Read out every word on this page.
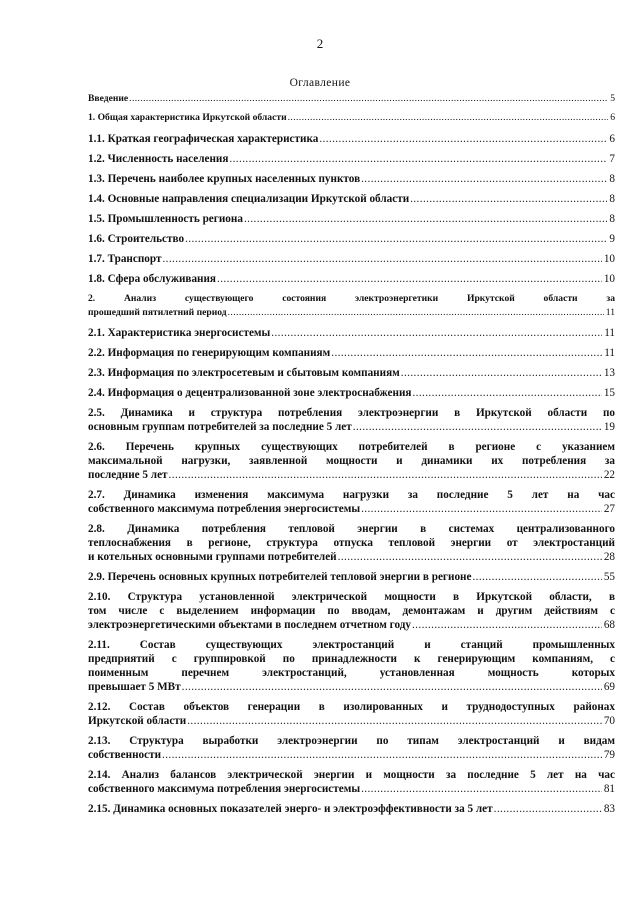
2
Оглавление
Введение .....	5
1. Общая характеристика Иркутской области .....	6
1.1. Краткая географическая характеристика .....	6
1.2. Численность населения .....	7
1.3. Перечень наиболее крупных населенных пунктов .....	8
1.4. Основные направления специализации Иркутской области .....	8
1.5. Промышленность региона .....	8
1.6. Строительство .....	9
1.7. Транспорт .....	10
1.8. Сфера обслуживания .....	10
2. Анализ существующего состояния электроэнергетики Иркутской области за
прошедший пятилетний период .....	11
2.1. Характеристика энергосистемы .....	11
2.2. Информация по генерирующим компаниям .....	11
2.3. Информация по электросетевым и сбытовым компаниям .....	13
2.4. Информация о децентрализованной зоне электроснабжения .....	15
2.5. Динамика и структура потребления электроэнергии в Иркутской области по
основным группам потребителей за последние 5 лет .....	19
2.6. Перечень крупных существующих потребителей в регионе с указанием
максимальной нагрузки, заявленной мощности и динамики их потребления за
последние 5 лет .....	22
2.7. Динамика изменения максимума нагрузки за последние 5 лет на час
собственного максимума потребления энергосистемы .....	27
2.8. Динамика потребления тепловой энергии в системах централизованного
теплоснабжения в регионе, структура отпуска тепловой энергии от электростанций
и котельных основными группами потребителей .....	28
2.9. Перечень основных крупных потребителей тепловой энергии в регионе .....	55
2.10. Структура установленной электрической мощности в Иркутской области, в
том числе с выделением информации по вводам, демонтажам и другим действиям с
электроэнергетическими объектами в последнем отчетном году .....	68
2.11. Состав существующих электростанций и станций промышленных
предприятий с группировкой по принадлежности к генерирующим компаниям, с
поименным перечнем электростанций, установленная мощность которых
превышает 5 МВт .....	69
2.12. Состав объектов генерации в изолированных и труднодоступных районах
Иркутской области .....	70
2.13. Структура выработки электроэнергии по типам электростанций и видам
собственности .....	79
2.14. Анализ балансов электрической энергии и мощности за последние 5 лет на час
собственного максимума потребления энергосистемы .....	81
2.15. Динамика основных показателей энерго- и электроэффективности за 5 лет .....	83
